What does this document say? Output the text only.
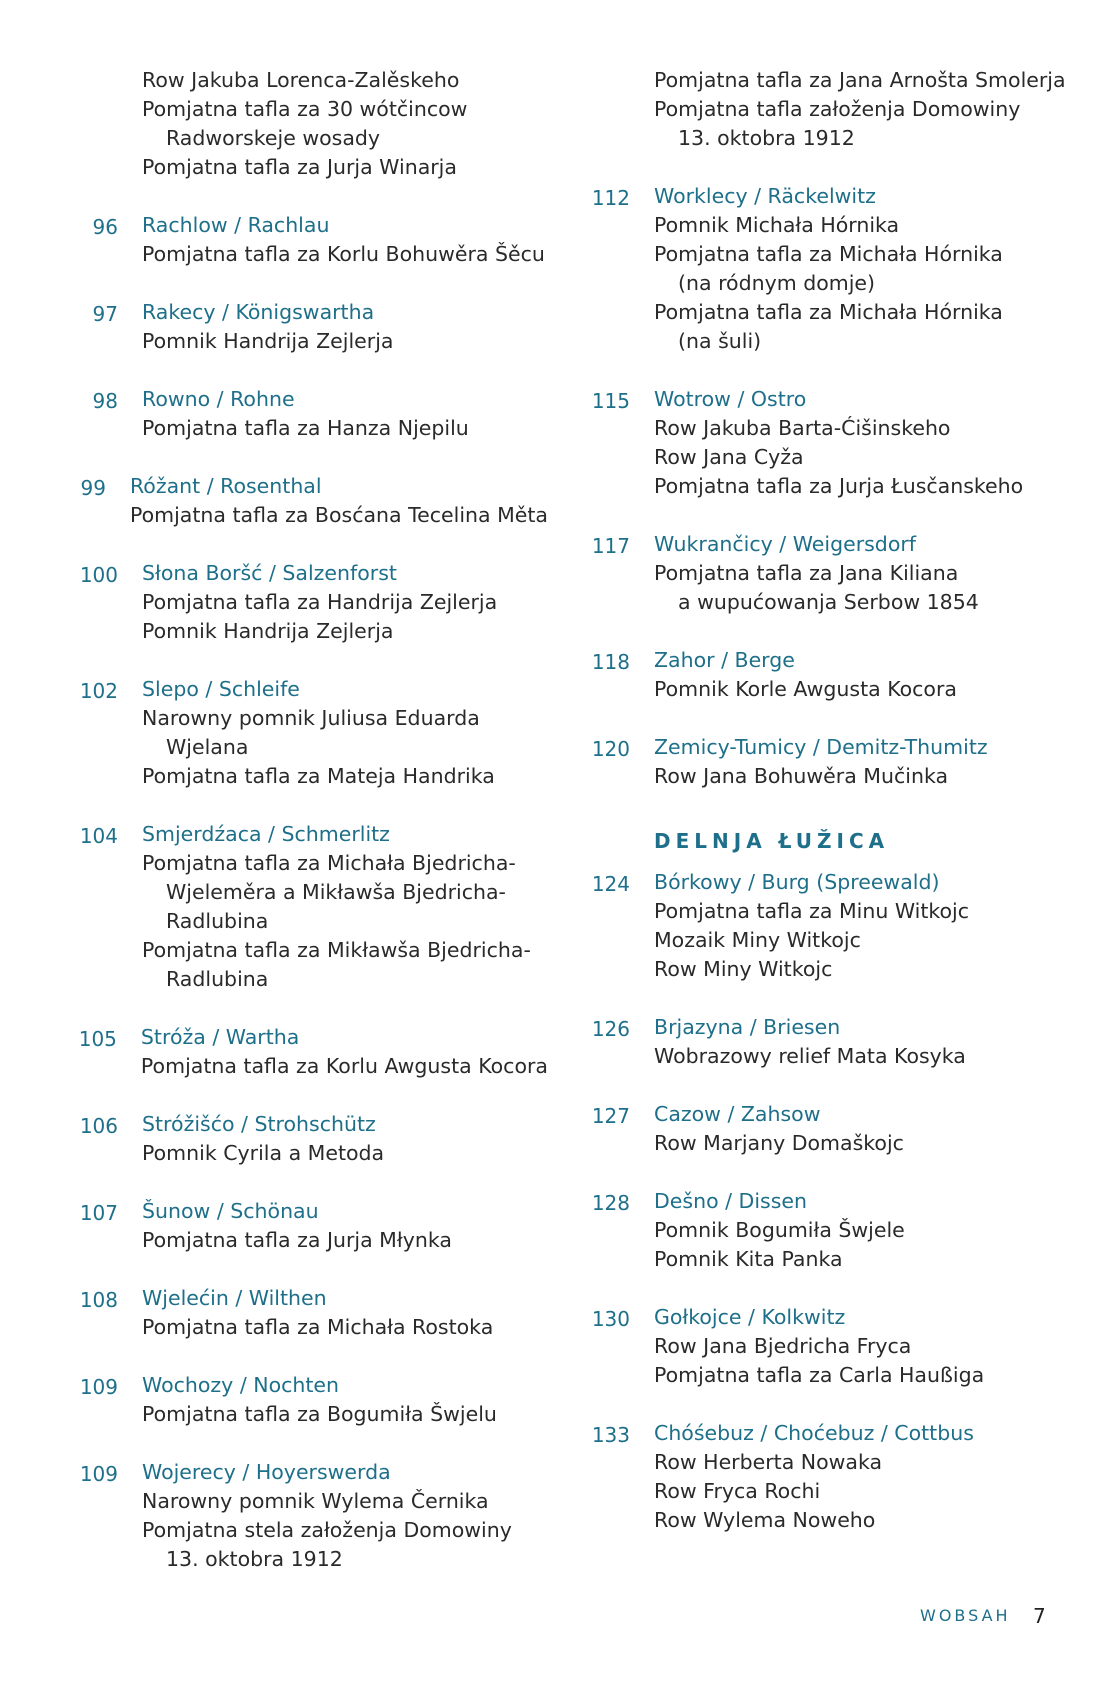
Row Jakuba Lorenca-Zalěskeho
Pomjatna tafla za 30 wótčincow
Radworskeje wosady
Pomjatna tafla za Jurja Winarja
96 Rachlow / Rachlau
Pomjatna tafla za Korlu Bohuwěra Šěcu
97 Rakecy / Königswartha
Pomnik Handrija Zejlerja
98 Rowno / Rohne
Pomjatna tafla za Hanza Njepilu
99 Róžant / Rosenthal
Pomjatna tafla za Bosćana Tecelina Měta
100 Słona Boršć / Salzenforst
Pomjatna tafla za Handrija Zejlerja
Pomnik Handrija Zejlerja
102 Slepo / Schleife
Narowny pomnik Juliusa Eduarda
Wjelana
Pomjatna tafla za Mateja Handrika
104 Smjerdźaca / Schmerlitz
Pomjatna tafla za Michała Bjedricha-
Wjeleměra a Mikławša Bjedricha-
Radlubina
Pomjatna tafla za Mikławša Bjedricha-
Radlubina
105 Stróža / Wartha
Pomjatna tafla za Korlu Awgusta Kocora
106 Stróžišćo / Strohschütz
Pomnik Cyrila a Metoda
107 Šunow / Schönau
Pomjatna tafla za Jurja Młynka
108 Wjelećin / Wilthen
Pomjatna tafla za Michała Rostoka
109 Wochozy / Nochten
Pomjatna tafla za Bogumiła Šwjelu
109 Wojerecy / Hoyerswerda
Narowny pomnik Wylema Černika
Pomjatna stela załoženja Domowiny
13. oktobra 1912
Pomjatna tafla za Jana Arnošta Smolerja
Pomjatna tafla załoženja Domowiny
13. oktobra 1912
112 Worklecy / Räckelwitz
Pomnik Michała Hórnika
Pomjatna tafla za Michała Hórnika
(na ródnym domje)
Pomjatna tafla za Michała Hórnika
(na šuli)
115 Wotrow / Ostro
Row Jakuba Barta-Ćišinskeho
Row Jana Cyža
Pomjatna tafla za Jurja Łusčanskeho
117 Wukrančicy / Weigersdorf
Pomjatna tafla za Jana Kiliana
a wupućowanja Serbow 1854
118 Zahor / Berge
Pomnik Korle Awgusta Kocora
120 Zemicy-Tumicy / Demitz-Thumitz
Row Jana Bohuwěra Mučinka
DELNJA ŁUŽICA
124 Bórkowy / Burg (Spreewald)
Pomjatna tafla za Minu Witkojc
Mozaik Miny Witkojc
Row Miny Witkojc
126 Brjazyna / Briesen
Wobrazowy relief Mata Kosyka
127 Cazow / Zahsow
Row Marjany Domaškojc
128 Dešno / Dissen
Pomnik Bogumiła Šwjele
Pomnik Kita Panka
130 Gołkojce / Kolkwitz
Row Jana Bjedricha Fryca
Pomjatna tafla za Carla Haußiga
133 Chóśebuz / Choćebuz / Cottbus
Row Herberta Nowaka
Row Fryca Rochi
Row Wylema Noweho
WOBSAH 7
